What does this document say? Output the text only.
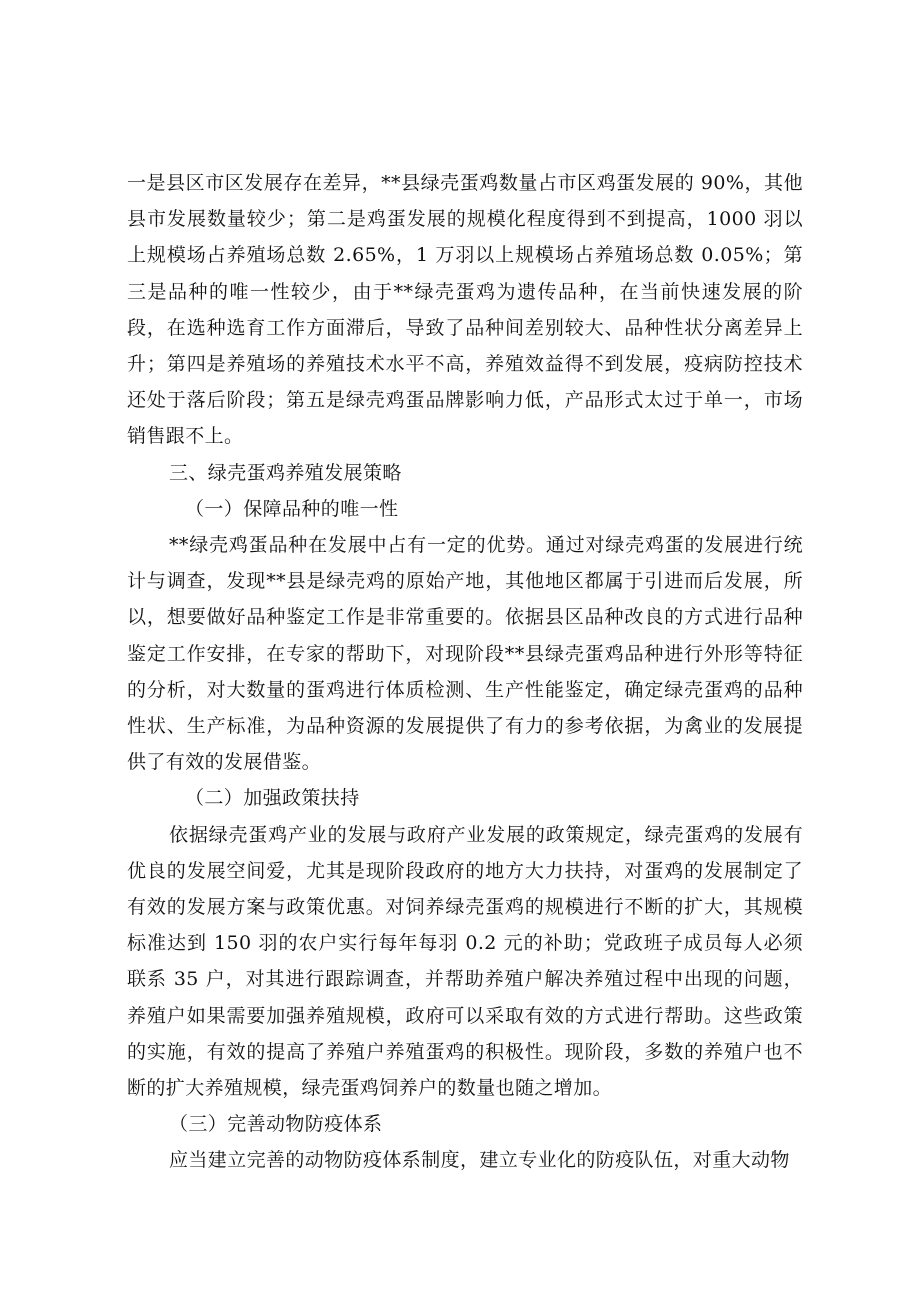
一是县区市区发展存在差异，**县绿壳蛋鸡数量占市区鸡蛋发展的 90%，其他县市发展数量较少；第二是鸡蛋发展的规模化程度得到不到提高，1000 羽以上规模场占养殖场总数 2.65%，1 万羽以上规模场占养殖场总数 0.05%；第三是品种的唯一性较少，由于**绿壳蛋鸡为遗传品种，在当前快速发展的阶段，在选种选育工作方面滞后，导致了品种间差别较大、品种性状分离差异上升；第四是养殖场的养殖技术水平不高，养殖效益得不到发展，疫病防控技术还处于落后阶段；第五是绿壳鸡蛋品牌影响力低，产品形式太过于单一，市场销售跟不上。

三、绿壳蛋鸡养殖发展策略

（一）保障品种的唯一性

**绿壳鸡蛋品种在发展中占有一定的优势。通过对绿壳鸡蛋的发展进行统计与调查，发现**县是绿壳鸡的原始产地，其他地区都属于引进而后发展，所以，想要做好品种鉴定工作是非常重要的。依据县区品种改良的方式进行品种鉴定工作安排，在专家的帮助下，对现阶段**县绿壳蛋鸡品种进行外形等特征的分析，对大数量的蛋鸡进行体质检测、生产性能鉴定，确定绿壳蛋鸡的品种性状、生产标准，为品种资源的发展提供了有力的参考依据，为禽业的发展提供了有效的发展借鉴。

（二）加强政策扶持

依据绿壳蛋鸡产业的发展与政府产业发展的政策规定，绿壳蛋鸡的发展有优良的发展空间爱，尤其是现阶段政府的地方大力扶持，对蛋鸡的发展制定了有效的发展方案与政策优惠。对饲养绿壳蛋鸡的规模进行不断的扩大，其规模标准达到 150 羽的农户实行每年每羽 0.2 元的补助；党政班子成员每人必须联系 35 户，对其进行跟踪调查，并帮助养殖户解决养殖过程中出现的问题，养殖户如果需要加强养殖规模，政府可以采取有效的方式进行帮助。这些政策的实施，有效的提高了养殖户养殖蛋鸡的积极性。现阶段，多数的养殖户也不断的扩大养殖规模，绿壳蛋鸡饲养户的数量也随之增加。

（三）完善动物防疫体系

应当建立完善的动物防疫体系制度，建立专业化的防疫队伍，对重大动物
